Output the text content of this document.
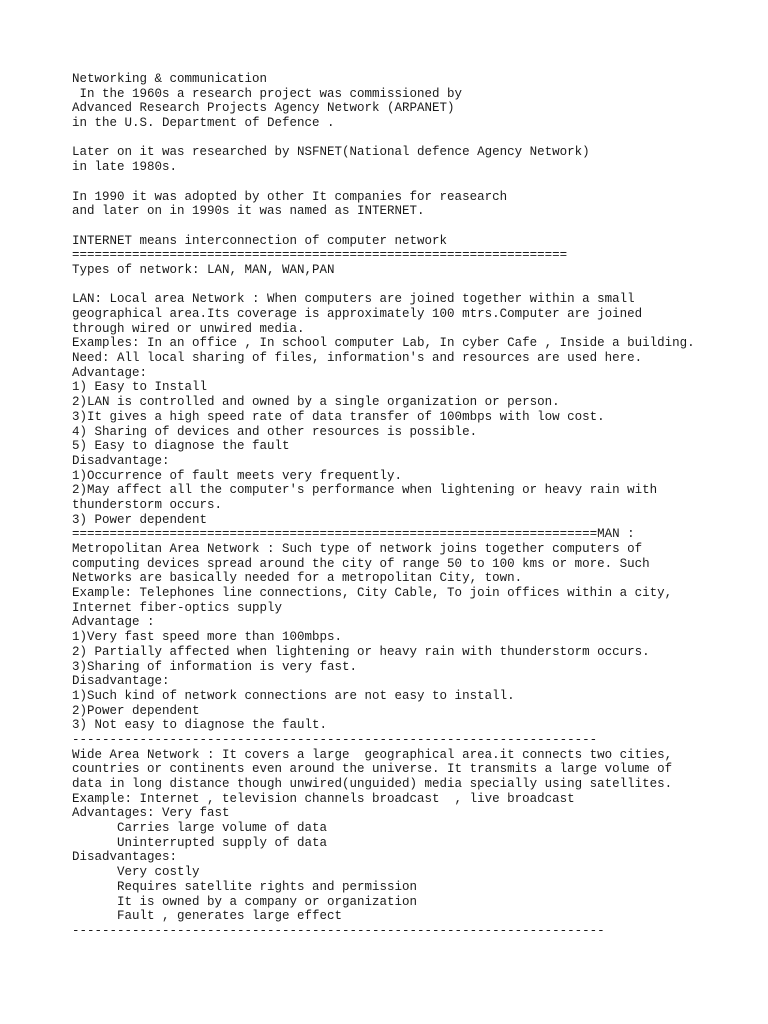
Networking & communication
In the 1960s a research project was commissioned by
Advanced Research Projects Agency Network (ARPANET)
in the U.S. Department of Defence .
Later on it was researched by NSFNET(National defence Agency Network)
in late 1980s.
In 1990 it was adopted by other It companies for reasearch
and later on in 1990s it was named as INTERNET.
INTERNET means interconnection of computer network
==================================================================
Types of network: LAN, MAN, WAN,PAN
LAN: Local area Network : When computers are joined together within a small
geographical area.Its coverage is approximately 100 mtrs.Computer are joined
through wired or unwired media.
Examples: In an office , In school computer Lab, In cyber Cafe , Inside a building.
Need: All local sharing of files, information's and resources are used here.
Advantage:
1) Easy to Install
2)LAN is controlled and owned by a single organization or person.
3)It gives a high speed rate of data transfer of 100mbps with low cost.
4) Sharing of devices and other resources is possible.
5) Easy to diagnose the fault
Disadvantage:
1)Occurrence of fault meets very frequently.
2)May affect all the computer's performance when lightening or heavy rain with
thunderstorm occurs.
3) Power dependent
======================================================================MAN :
Metropolitan Area Network : Such type of network joins together computers of
computing devices spread around the city of range 50 to 100 kms or more. Such
Networks are basically needed for a metropolitan City, town.
Example: Telephones line connections, City Cable, To join offices within a city,
Internet fiber-optics supply
Advantage :
1)Very fast speed more than 100mbps.
2) Partially affected when lightening or heavy rain with thunderstorm occurs.
3)Sharing of information is very fast.
Disadvantage:
1)Such kind of network connections are not easy to install.
2)Power dependent
3) Not easy to diagnose the fault.
----------------------------------------------------------------------
Wide Area Network : It covers a large  geographical area.it connects two cities,
countries or continents even around the universe. It transmits a large volume of
data in long distance though unwired(unguided) media specially using satellites.
Example: Internet , television channels broadcast  , live broadcast
Advantages: Very fast
Carries large volume of data
Uninterrupted supply of data
Disadvantages:
Very costly
Requires satellite rights and permission
It is owned by a company or organization
Fault , generates large effect
-----------------------------------------------------------------------
